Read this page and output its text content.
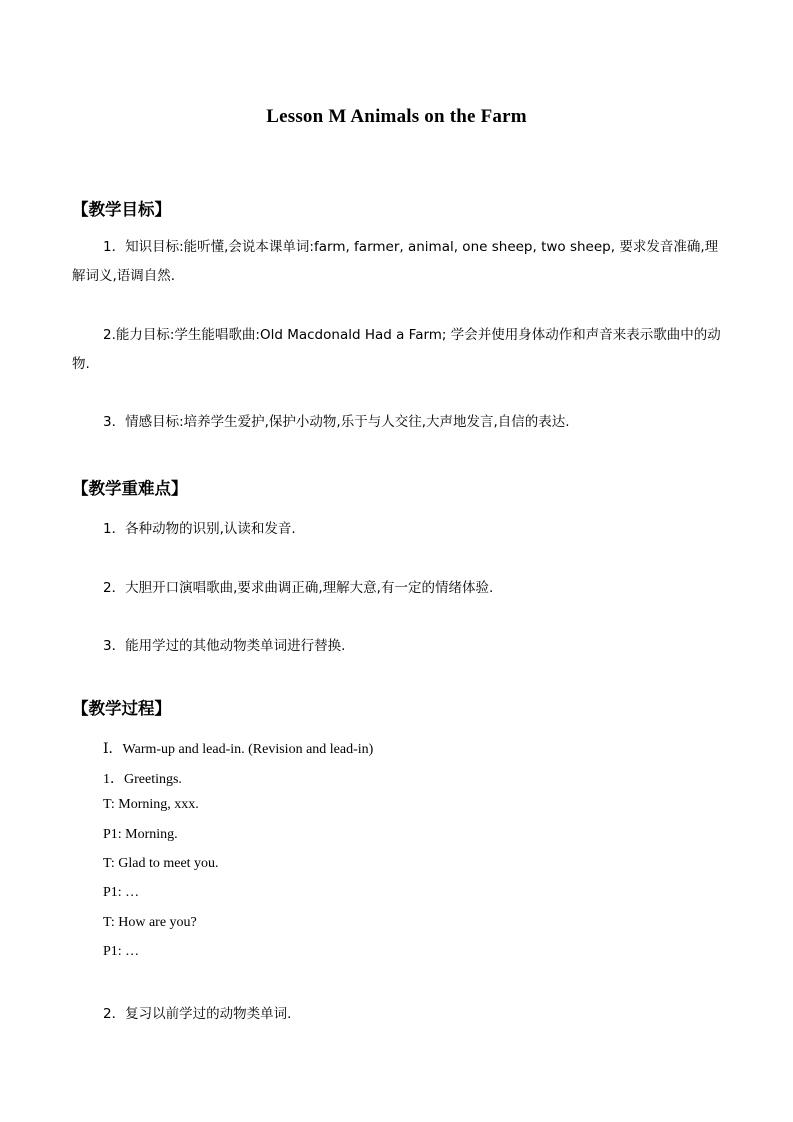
Lesson M Animals on the Farm
【教学目标】
1．知识目标:能听懂,会说本课单词:farm, farmer, animal, one sheep, two sheep, 要求发音准确,理解词义,语调自然.
2.能力目标:学生能唱歌曲:Old Macdonald Had a Farm; 学会并使用身体动作和声音来表示歌曲中的动物.
3．情感目标:培养学生爱护,保护小动物,乐于与人交往,大声地发言,自信的表达.
【教学重难点】
1．各种动物的识别,认读和发音.
2．大胆开口演唱歌曲,要求曲调正确,理解大意,有一定的情绪体验.
3．能用学过的其他动物类单词进行替换.
【教学过程】
Ⅰ．Warm-up and lead-in. (Revision and lead-in)
1．Greetings.
T: Morning, xxx.
P1: Morning.
T: Glad to meet you.
P1: …
T: How are you?
P1: …
2．复习以前学过的动物类单词.
